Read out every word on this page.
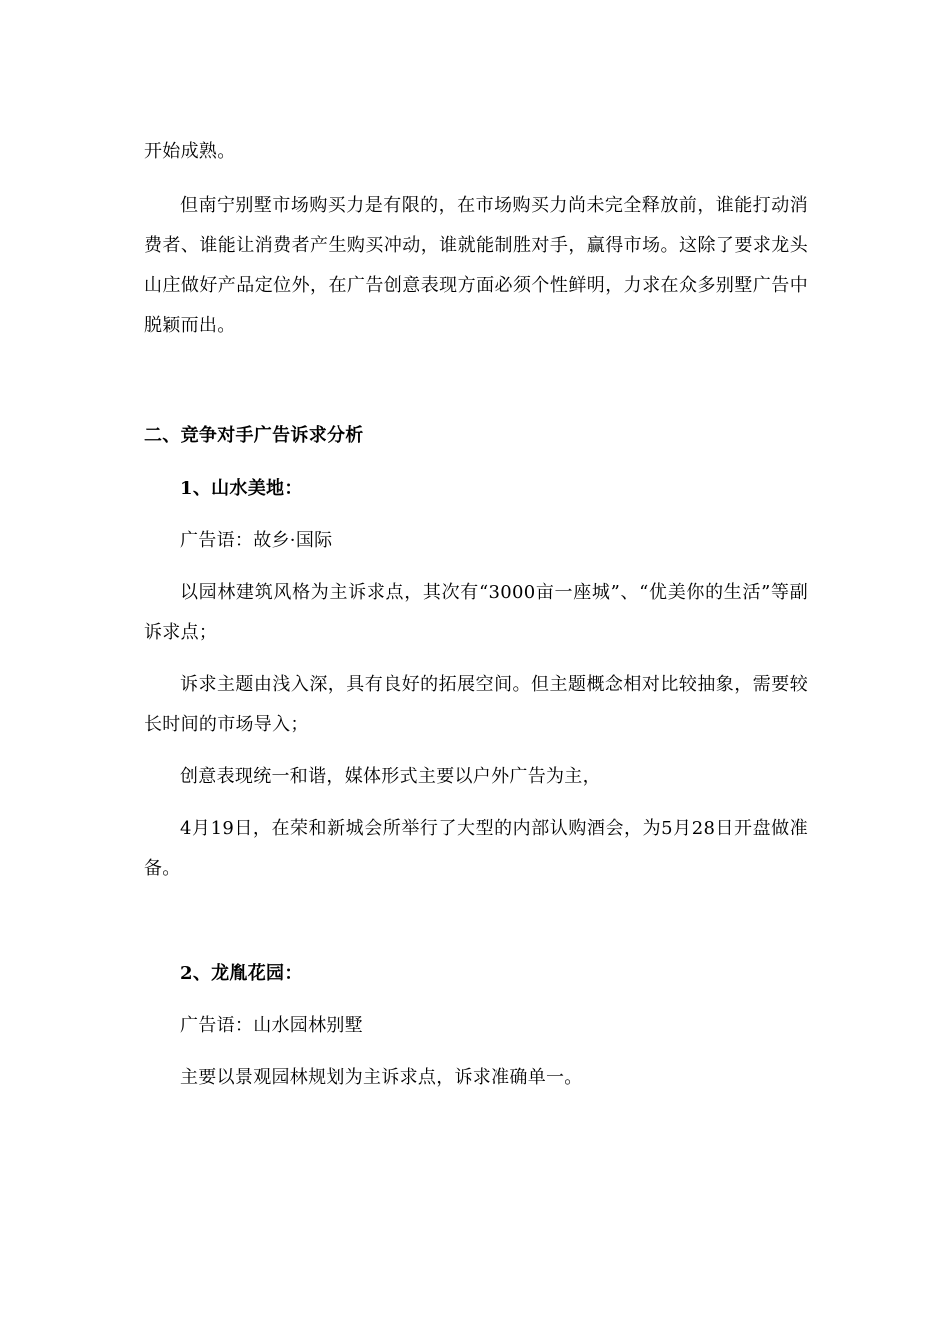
开始成熟。

但南宁别墅市场购买力是有限的，在市场购买力尚未完全释放前，谁能打动消费者、谁能让消费者产生购买冲动，谁就能制胜对手，赢得市场。这除了要求龙头山庄做好产品定位外，在广告创意表现方面必须个性鲜明，力求在众多别墅广告中脱颖而出。

二、竞争对手广告诉求分析

1、山水美地：

广告语：故乡·国际

以园林建筑风格为主诉求点，其次有“3000亩一座城”、“优美你的生活”等副诉求点；

诉求主题由浅入深，具有良好的拓展空间。但主题概念相对比较抽象，需要较长时间的市场导入；

创意表现统一和谐，媒体形式主要以户外广告为主，

4月19日，在荣和新城会所举行了大型的内部认购酒会，为5月28日开盘做准备。

2、龙胤花园：

广告语：山水园林别墅

主要以景观园林规划为主诉求点，诉求准确单一。
